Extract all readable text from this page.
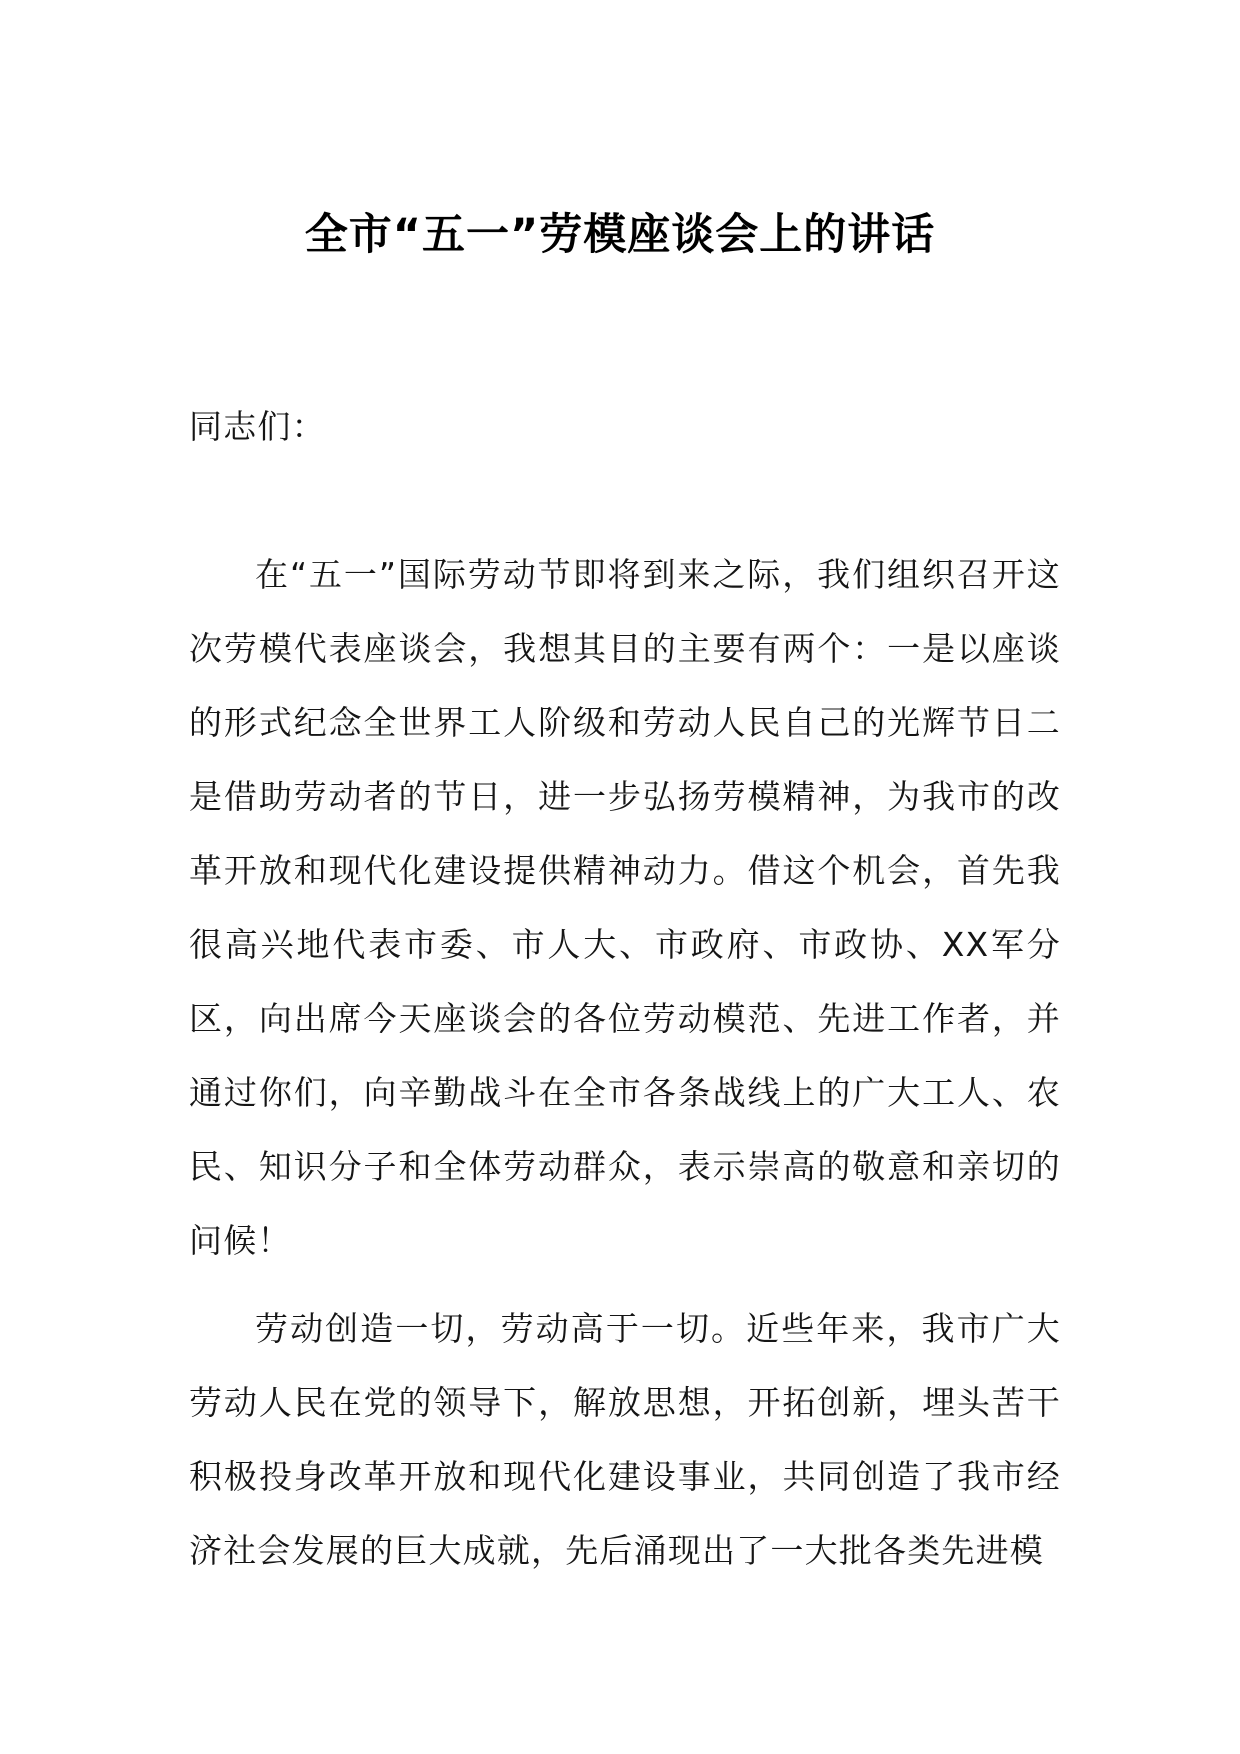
全市“五一”劳模座谈会上的讲话

同志们：

在“五一”国际劳动节即将到来之际，我们组织召开这次劳模代表座谈会，我想其目的主要有两个：一是以座谈的形式纪念全世界工人阶级和劳动人民自己的光辉节日二是借助劳动者的节日，进一步弘扬劳模精神，为我市的改革开放和现代化建设提供精神动力。借这个机会，首先我很高兴地代表市委、市人大、市政府、市政协、XX军分区，向出席今天座谈会的各位劳动模范、先进工作者，并通过你们，向辛勤战斗在全市各条战线上的广大工人、农民、知识分子和全体劳动群众，表示崇高的敬意和亲切的问候！

劳动创造一切，劳动高于一切。近些年来，我市广大劳动人民在党的领导下，解放思想，开拓创新，埋头苦干积极投身改革开放和现代化建设事业，共同创造了我市经济社会发展的巨大成就，先后涌现出了一大批各类先进模
